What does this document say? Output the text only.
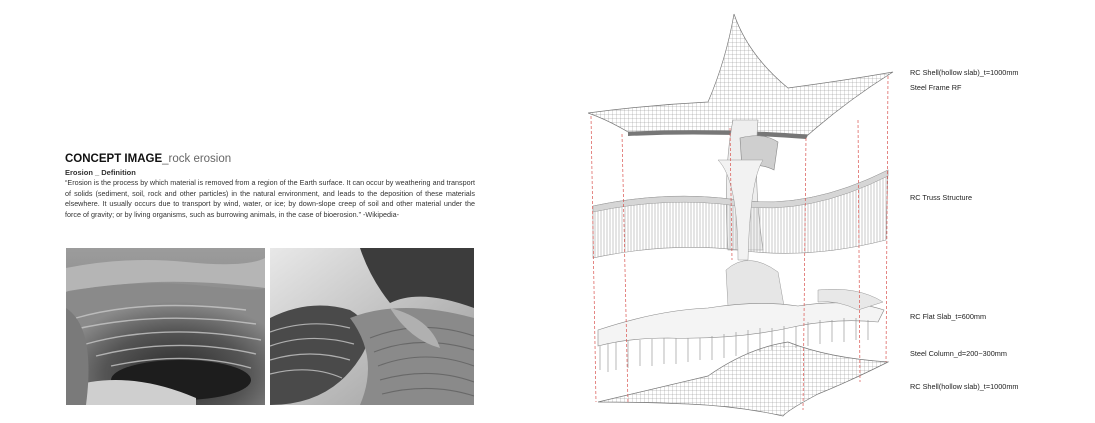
CONCEPT IMAGE_rock erosion
Erosion _ Definition
“Erosion is the process by which material is removed from a region of the Earth surface. It can occur by weathering and transport of solids (sediment, soil, rock and other particles) in the natural environment, and leads to the deposition of these materials elsewhere. It usually occurs due to transport by wind, water, or ice; by down-slope creep of soil and other material under the force of gravity; or by living organisms, such as burrowing animals, in the case of bioerosion.” -Wikipedia-
RC Shell(hollow slab)_t=1000mm
Steel Frame RF
RC Truss Structure
RC Flat Slab_t=600mm
Steel Column_d=200~300mm
RC Shell(hollow slab)_t=1000mm
